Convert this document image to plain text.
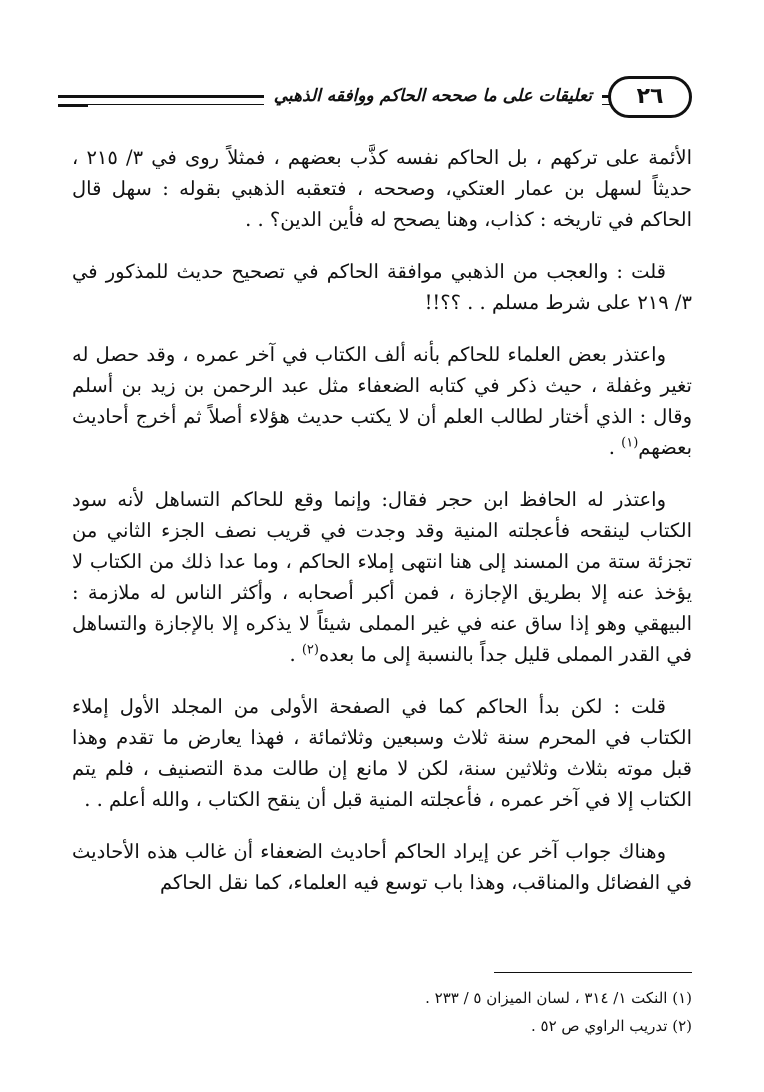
تعليقات على ما صححه الحاكم ووافقه الذهبي	٢٦

الأئمة على تركهم ، بل الحاكم نفسه كذَّب بعضهم ، فمثلاً روى في ٣/ ٢١٥ ، حديثاً لسهل بن عمار العتكي، وصححه ، فتعقبه الذهبي بقوله : سهل قال الحاكم في تاريخه : كذاب، وهنا يصحح له فأين الدين؟ . .

قلت : والعجب من الذهبي موافقة الحاكم في تصحيح حديث للمذكور في ٣/ ٢١٩ على شرط مسلم . . ؟؟!!

واعتذر بعض العلماء للحاكم بأنه ألف الكتاب في آخر عمره ، وقد حصل له تغير وغفلة ، حيث ذكر في كتابه الضعفاء مثل عبد الرحمن بن زيد بن أسلم وقال : الذي أختار لطالب العلم أن لا يكتب حديث هؤلاء أصلاً ثم أخرج أحاديث بعضهم$^{(١)}$ .

واعتذر له الحافظ ابن حجر فقال: وإنما وقع للحاكم التساهل لأنه سود الكتاب لينقحه فأعجلته المنية وقد وجدت في قريب نصف الجزء الثاني من تجزئة ستة من المسند إلى هنا انتهى إملاء الحاكم ، وما عدا ذلك من الكتاب لا يؤخذ عنه إلا بطريق الإجازة ، فمن أكبر أصحابه ، وأكثر الناس له ملازمة : البيهقي وهو إذا ساق عنه في غير المملى شيئاً لا يذكره إلا بالإجازة والتساهل في القدر المملى قليل جداً بالنسبة إلى ما بعده$^{(٢)}$ .

قلت : لكن بدأ الحاكم كما في الصفحة الأولى من المجلد الأول إملاء الكتاب في المحرم سنة ثلاث وسبعين وثلاثمائة ، فهذا يعارض ما تقدم وهذا قبل موته بثلاث وثلاثين سنة، لكن لا مانع إن طالت مدة التصنيف ، فلم يتم الكتاب إلا في آخر عمره ، فأعجلته المنية قبل أن ينقح الكتاب ، والله أعلم . .

وهناك جواب آخر عن إيراد الحاكم أحاديث الضعفاء أن غالب هذه الأحاديث في الفضائل والمناقب، وهذا باب توسع فيه العلماء، كما نقل الحاكم

(١) النكت ١/ ٣١٤ ، لسان الميزان ٥ / ٢٣٣ .

(٢) تدريب الراوي ص ٥٢ .
